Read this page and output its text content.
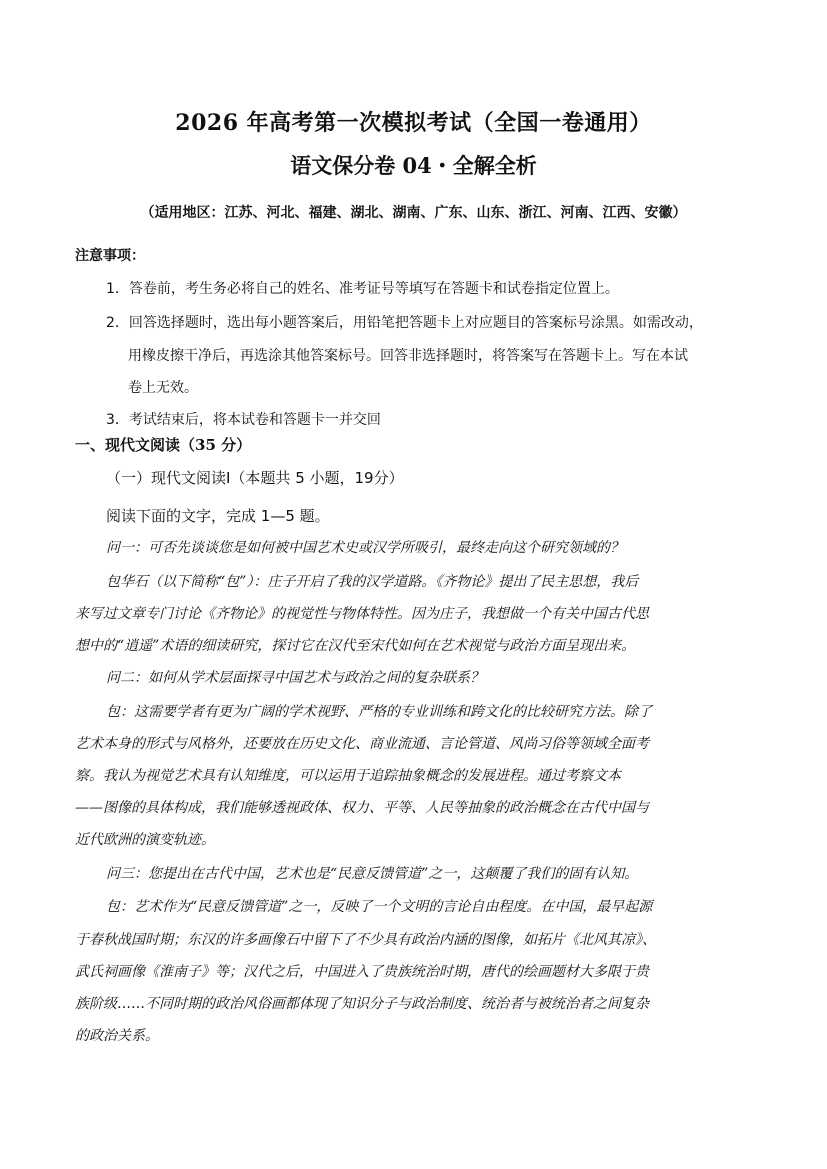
2026 年高考第一次模拟考试（全国一卷通用）
语文保分卷 04・全解全析
（适用地区：江苏、河北、福建、湖北、湖南、广东、山东、浙江、河南、江西、安徽）
注意事项：
1．答卷前，考生务必将自己的姓名、准考证号等填写在答题卡和试卷指定位置上。
2．回答选择题时，选出每小题答案后，用铅笔把答题卡上对应题目的答案标号涂黑。如需改动，
用橡皮擦干净后，再选涂其他答案标号。回答非选择题时，将答案写在答题卡上。写在本试
卷上无效。
3．考试结束后，将本试卷和答题卡一并交回
一、现代文阅读（35 分）
（一）现代文阅读Ⅰ（本题共 5 小题，19分）
阅读下面的文字，完成 1—5 题。
问一：可否先谈谈您是如何被中国艺术史或汉学所吸引，最终走向这个研究领域的？
包华石（以下简称“包”）：庄子开启了我的汉学道路。《齐物论》提出了民主思想，我后
来写过文章专门讨论《齐物论》的视觉性与物体特性。因为庄子，我想做一个有关中国古代思
想中的“逍遥”术语的细读研究，探讨它在汉代至宋代如何在艺术视觉与政治方面呈现出来。
问二：如何从学术层面探寻中国艺术与政治之间的复杂联系？
包：这需要学者有更为广阔的学术视野、严格的专业训练和跨文化的比较研究方法。除了
艺术本身的形式与风格外，还要放在历史文化、商业流通、言论管道、风尚习俗等领域全面考
察。我认为视觉艺术具有认知维度，可以运用于追踪抽象概念的发展进程。通过考察文本
——图像的具体构成，我们能够透视政体、权力、平等、人民等抽象的政治概念在古代中国与
近代欧洲的演变轨迹。
问三：您提出在古代中国，艺术也是“民意反馈管道”之一，这颠覆了我们的固有认知。
包：艺术作为“民意反馈管道”之一，反映了一个文明的言论自由程度。在中国，最早起源
于春秋战国时期；东汉的许多画像石中留下了不少具有政治内涵的图像，如拓片《北风其凉》、
武氏祠画像《淮南子》等；汉代之后，中国进入了贵族统治时期，唐代的绘画题材大多限于贵
族阶级……不同时期的政治风俗画都体现了知识分子与政治制度、统治者与被统治者之间复杂
的政治关系。
